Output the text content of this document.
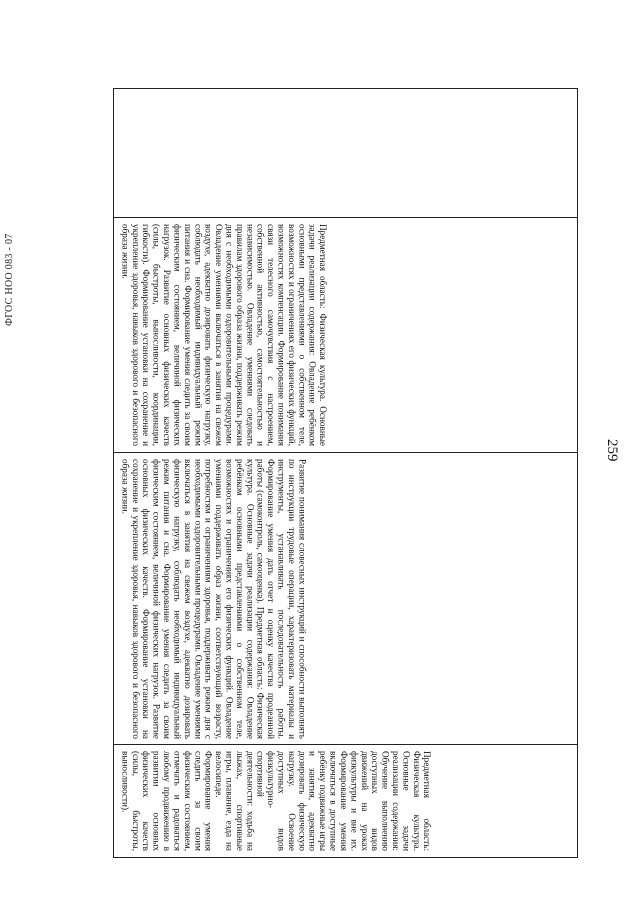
ФГОС НОО 083 - 07
259
Предметная область: Физическая культура. Основные задачи реализации содержания: Овладение ребёнком основными представлениями о собственном теле, возможностях и ограничениях его физических функций, возможностях компенсации. Формирование понимания связи телесного самочувствия с настроением, собственной активностью, самостоятельностью и независимостью. Овладение умениями следовать правилам здорового образа жизни, поддерживать режим дня с необходимыми оздоровительными процедурами. Овладение умениями включаться в занятия на свежем воздухе, адекватно дозировать физическую нагрузку, соблюдать необходимый индивидуальный режим питания и сна. Формирование умения следить за своим физическим состоянием, величиной физических нагрузок. Развитие основных физических качеств (силы, быстроты, выносливости, координации, гибкости). Формирование установки на сохранение и укрепление здоровья, навыков здорового и безопасного образа жизни.
Развитие понимания словесных инструкций и способности выполнять по инструкции трудовые операции, характеризовать материалы и инструменты, устанавливать последовательность работы. Формирование умения дать отчет и оценку качества продеанной работы (самоконтроль, самооценка). Предметная область: Физическая культура. Основные задачи реализации содержания: Овладение ребёнком основными представлениями о собственном теле, возможностях и ограничениях его физических функций. Овладение умениями поддерживать образ жизни, соответствующий возрасту, потребностям и ограничениям здоровья, поддерживать режим дня с необходимыми оздоровительными процедурами. Овладение умениями включаться в занятия на свежем воздухе, адекватно дозировать физическую нагрузку, соблюдать необходимый индивидуальный режим питания и сна. Формирование умения следить за своим физическим состоянием, величиной физических нагрузок. Развитие основных физических качеств. Формирование установки на сохранение и укрепление здоровья, навыков здорового и безопасного образа жизни.
Предметная область: Физическая культура. Основные задачи реализации содержания: Обучение выполнению доступных видов движений на уроках физкультуры и вне их. Формирование умения включаться в доступные ребёнку подвижные игры и занятия, адекватно дозировать физическую нагрузку. Освоение доступных видов физкультурно-спортивной деятельности: ходьба на лыжах, спортивные игры, плавание, езда на велосипеде. Формирование умения следить за своим физическим состоянием, отмечать и радоваться любому продвижению в развитии основных физических качеств (силы, быстроты, выносливости).
